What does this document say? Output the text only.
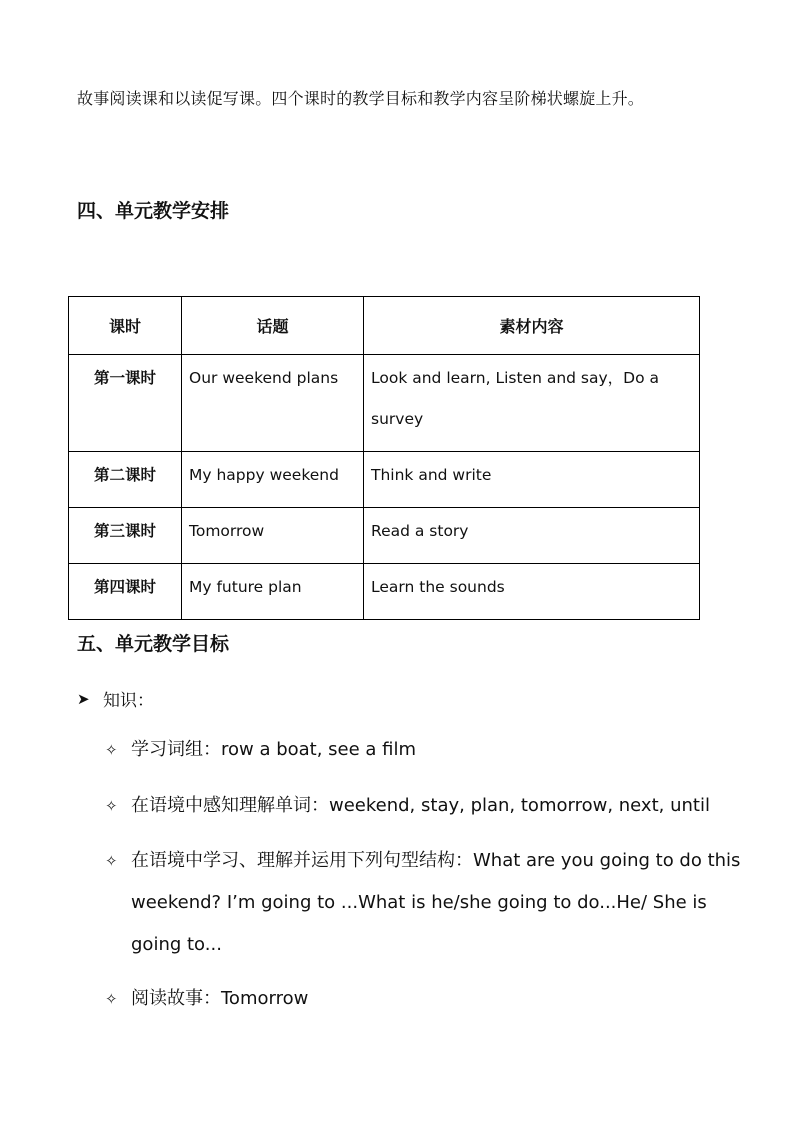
故事阅读课和以读促写课。四个课时的教学目标和教学内容呈阶梯状螺旋上升。
四、单元教学安排
课时	话题	素材内容
第一课时	Our weekend plans	Look and learn, Listen and say，Do a survey
第二课时	My happy weekend	Think and write
第三课时	Tomorrow	Read a story
第四课时	My future plan	Learn the sounds
五、单元教学目标
➤ 知识：
✧ 学习词组：row a boat, see a film
✧ 在语境中感知理解单词：weekend, stay, plan, tomorrow, next, until
✧ 在语境中学习、理解并运用下列句型结构：What are you going to do this weekend? I’m going to ...What is he/she going to do...He/ She is going to...
✧ 阅读故事：Tomorrow
